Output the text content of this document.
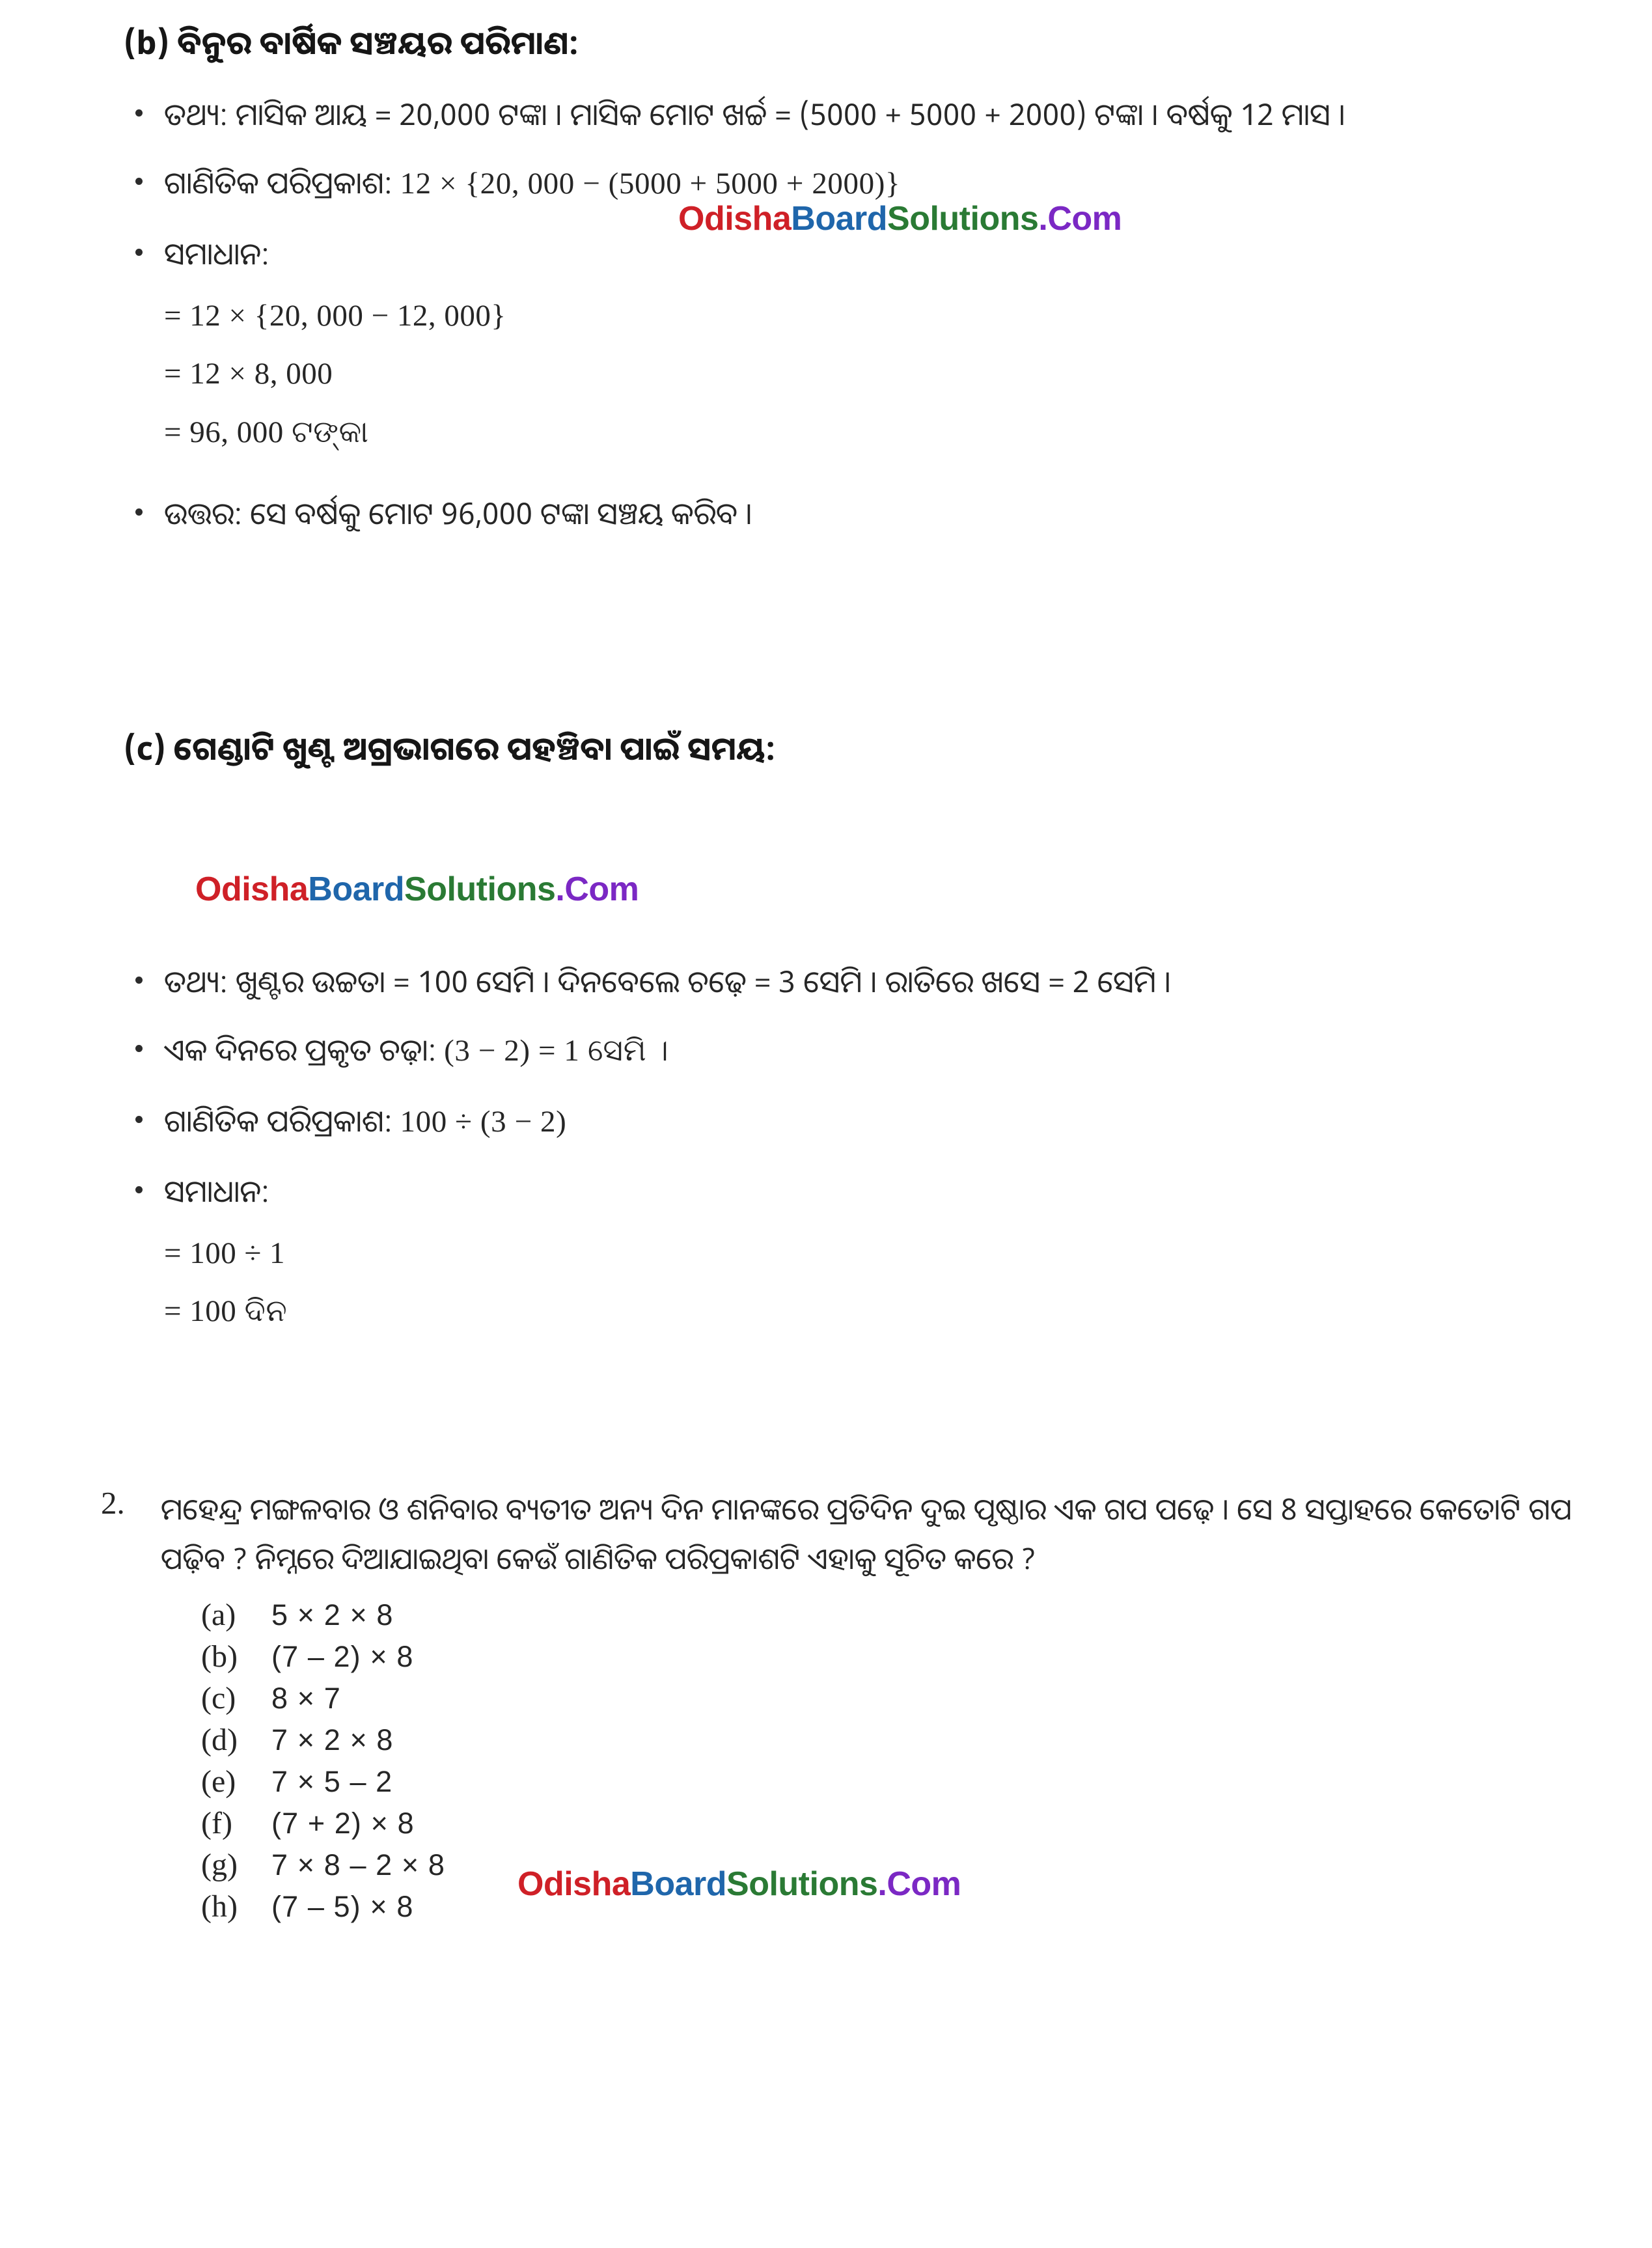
(b) ବିନୁର ବାର୍ଷିକ ସଞ୍ଚୟର ପରିମାଣ:
ତଥ୍ୟ: ମାସିକ ଆୟ = 20,000 ଟଙ୍କା । ମାସିକ ମୋଟ ଖର୍ଚ୍ଚ = (5000 + 5000 + 2000) ଟଙ୍କା । ବର୍ଷକୁ 12 ମାସ ।
ଗାଣିତିକ ପରିପ୍ରକାଶ: 12 × {20, 000 − (5000 + 5000 + 2000)}
ସମାଧାନ:
= 12 × {20, 000 − 12, 000}
= 12 × 8, 000
= 96, 000 ଟଙ୍କା
ଉତ୍ତର: ସେ ବର୍ଷକୁ ମୋଟ 96,000 ଟଙ୍କା ସଞ୍ଚୟ କରିବ ।
OdishaBoardSolutions.Com
(c) ଗେଣ୍ଡାଟି ଖୁଣ୍ଟ ଅଗ୍ରଭାଗରେ ପହଞ୍ଚିବା ପାଇଁ ସମୟ:
OdishaBoardSolutions.Com
ତଥ୍ୟ: ଖୁଣ୍ଟର ଉଚ୍ଚତା = 100 ସେମି । ଦିନବେଲେ ଚଢ଼େ = 3 ସେମି । ରାତିରେ ଖସେ = 2 ସେମି ।
ଏକ ଦିନରେ ପ୍ରକୃତ ଚଢ଼ା: (3 − 2) = 1 ସେମି ।
ଗାଣିତିକ ପରିପ୍ରକାଶ: 100 ÷ (3 − 2)
ସମାଧାନ:
= 100 ÷ 1
= 100 ଦିନ
2.	ମହେନ୍ଦ୍ର ମଙ୍ଗଳବାର ଓ ଶନିବାର ବ୍ୟତୀତ ଅନ୍ୟ ଦିନ ମାନଙ୍କରେ ପ୍ରତିଦିନ ଦୁଇ ପୃଷ୍ଠାର ଏକ ଗପ ପଢ଼େ । ସେ 8 ସପ୍ତାହରେ କେତୋଟି ଗପ ପଢ଼ିବ ? ନିମ୍ନରେ ଦିଆଯାଇଥିବା କେଉଁ ଗାଣିତିକ ପରିପ୍ରକାଶଟି ଏହାକୁ ସୂଚିତ କରେ ?
(a)	5 × 2 × 8
(b)	(7 – 2) × 8
(c)	8 × 7
(d)	7 × 2 × 8
(e)	7 × 5 – 2
(f)	(7 + 2) × 8
(g)	7 × 8 – 2 × 8
(h)	(7 – 5) × 8
OdishaBoardSolutions.Com
